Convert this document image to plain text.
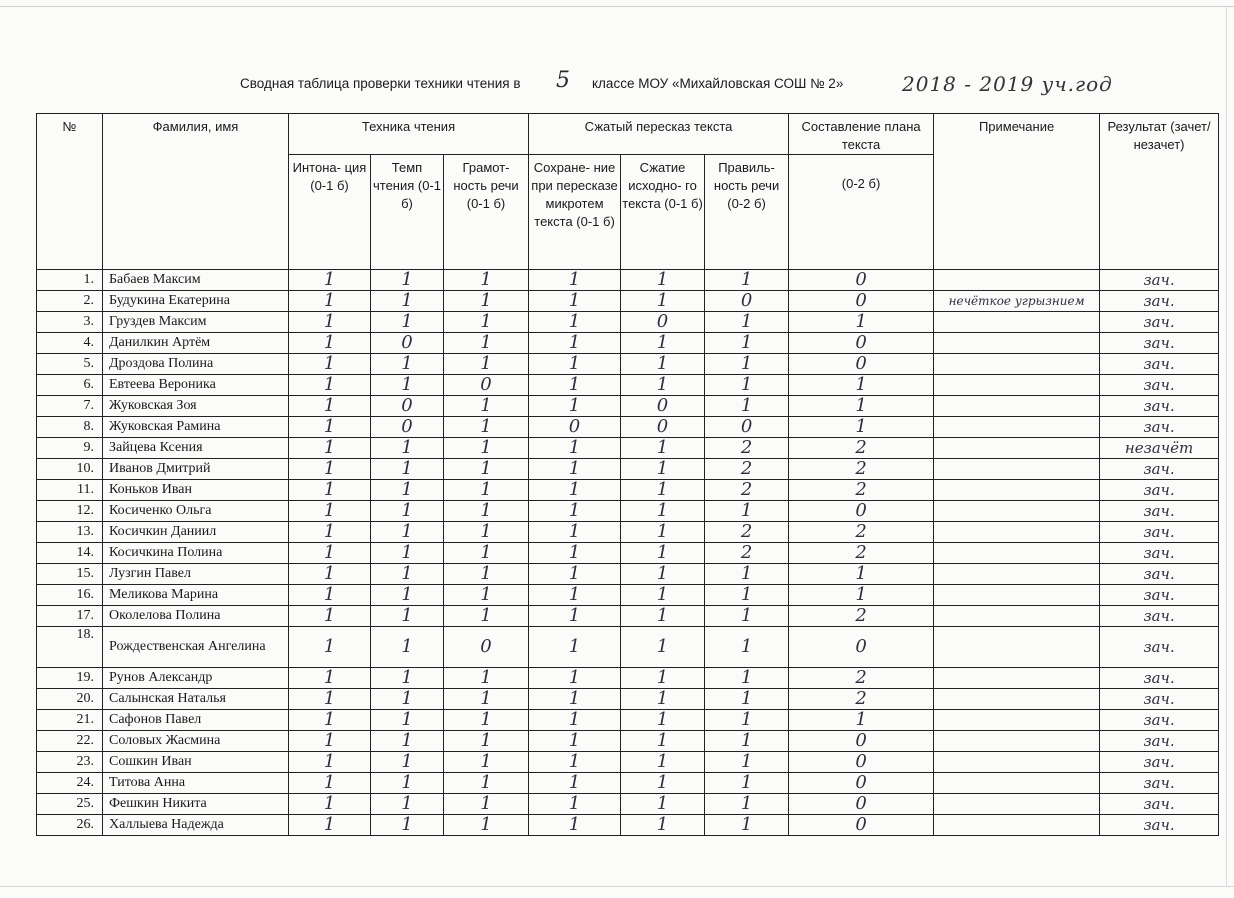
Сводная таблица проверки техники чтения в 5 классе МОУ «Михайловская СОШ № 2»	2018 - 2019 уч.год
№	Фамилия, имя	Техника чтения			Сжатый пересказ текста			Составление плана текста	Примечание	Результат (зачет/незачет)
		Интона- ция (0-1 б)	Темп чтения (0-1 б)	Грамот- ность речи (0-1 б)	Сохране- ние при пересказе микротем текста (0-1 б)	Сжатие исходно- го текста (0-1 б)	Правиль- ность речи (0-2 б)	(0-2 б)		
1.	Бабаев Максим	1	1	1	1	1	1	0		зач.
2.	Будукина Екатерина	1	1	1	1	1	0	0	нечёткое угрызнием	зач.
3.	Груздев Максим	1	1	1	1	0	1	1		зач.
4.	Данилкин Артём	1	0	1	1	1	1	0		зач.
5.	Дроздова Полина	1	1	1	1	1	1	0		зач.
6.	Евтеева Вероника	1	1	0	1	1	1	1		зач.
7.	Жуковская Зоя	1	0	1	1	0	1	1		зач.
8.	Жуковская Рамина	1	0	1	0	0	0	1		зач.
9.	Зайцева Ксения	1	1	1	1	1	2	2		незачёт
10.	Иванов Дмитрий	1	1	1	1	1	2	2		зач.
11.	Коньков Иван	1	1	1	1	1	2	2		зач.
12.	Косиченко Ольга	1	1	1	1	1	1	0		зач.
13.	Косичкин Даниил	1	1	1	1	1	2	2		зач.
14.	Косичкина Полина	1	1	1	1	1	2	2		зач.
15.	Лузгин Павел	1	1	1	1	1	1	1		зач.
16.	Меликова Марина	1	1	1	1	1	1	1		зач.
17.	Околелова Полина	1	1	1	1	1	1	2		зач.
18.	Рождественская Ангелина	1	1	0	1	1	1	0		зач.
19.	Рунов Александр	1	1	1	1	1	1	2		зач.
20.	Салынская Наталья	1	1	1	1	1	1	2		зач.
21.	Сафонов Павел	1	1	1	1	1	1	1		зач.
22.	Соловых Жасмина	1	1	1	1	1	1	0		зач.
23.	Сошкин Иван	1	1	1	1	1	1	0		зач.
24.	Титова Анна	1	1	1	1	1	1	0		зач.
25.	Фешкин Никита	1	1	1	1	1	1	0		зач.
26.	Халлыева Надежда	1	1	1	1	1	1	0		зач.
